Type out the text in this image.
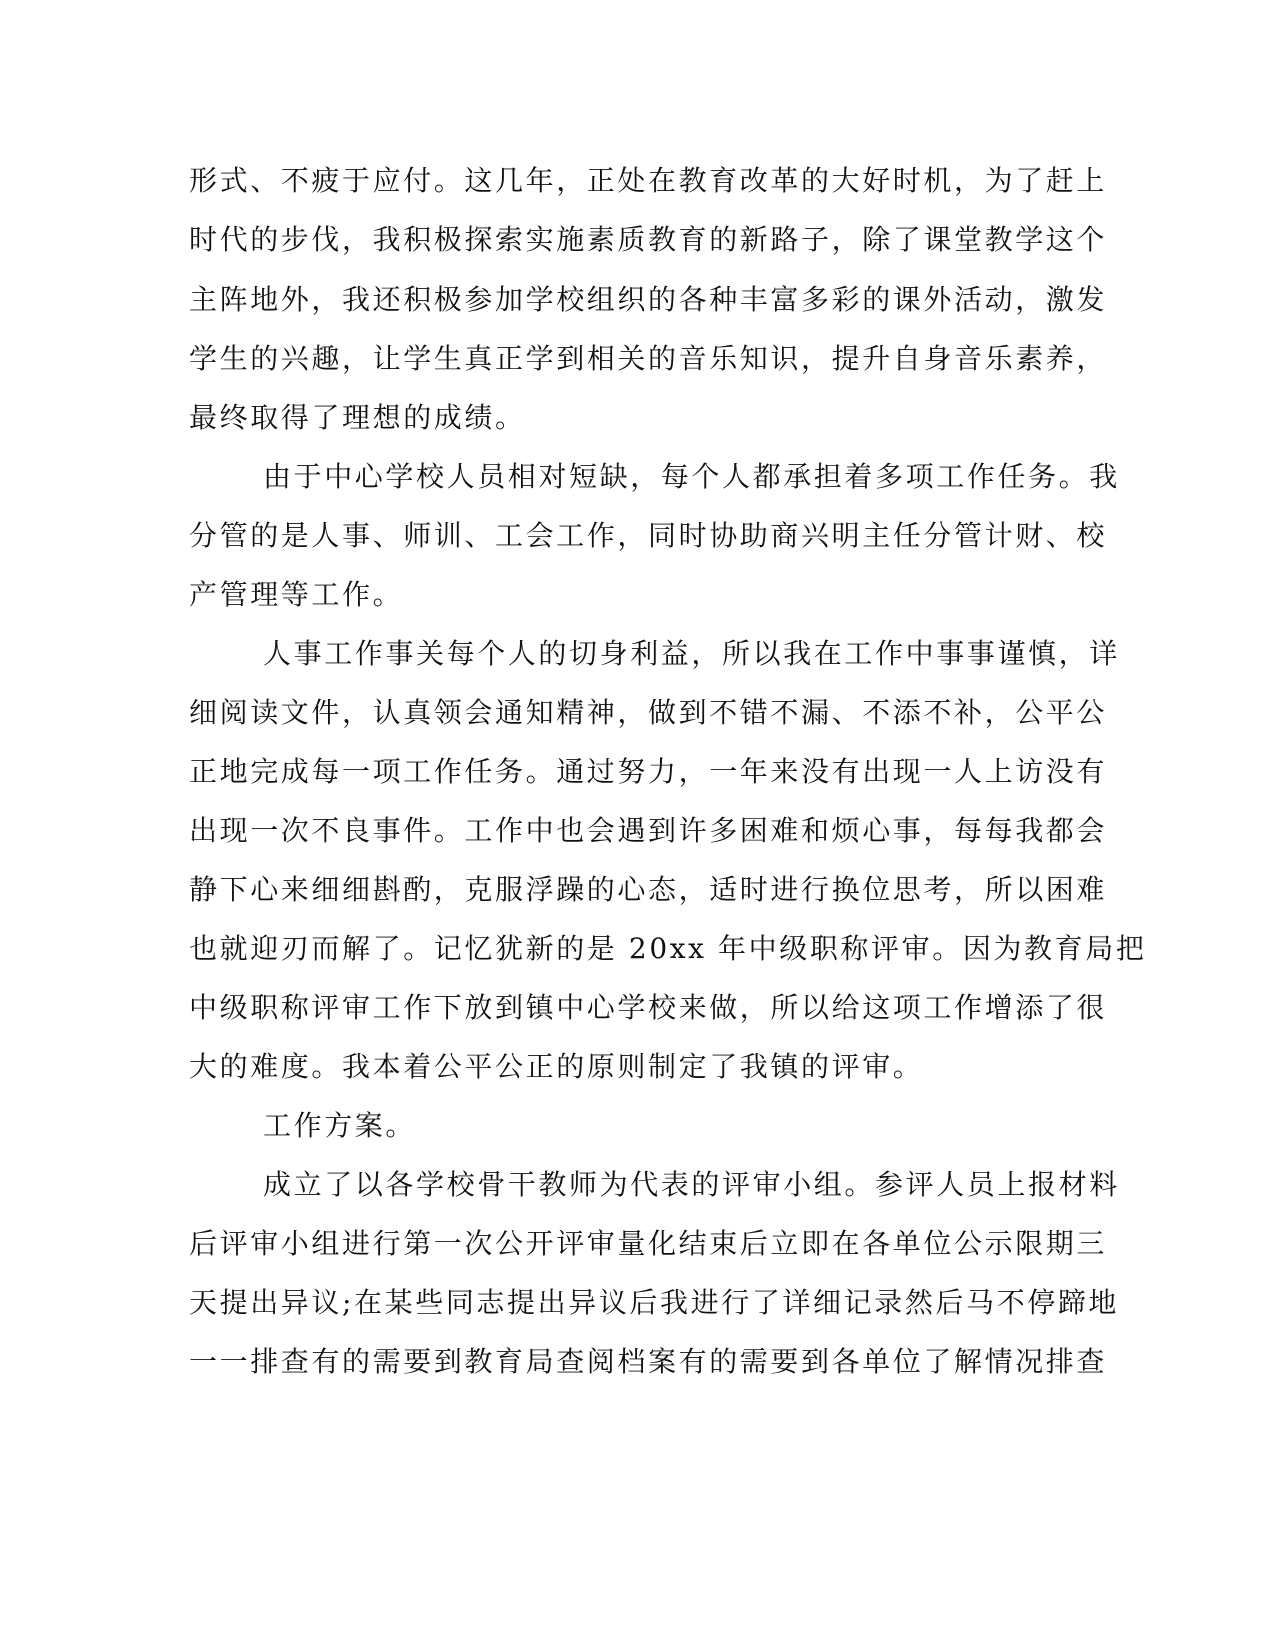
形式、不疲于应付。这几年，正处在教育改革的大好时机，为了赶上
时代的步伐，我积极探索实施素质教育的新路子，除了课堂教学这个
主阵地外，我还积极参加学校组织的各种丰富多彩的课外活动，激发
学生的兴趣，让学生真正学到相关的音乐知识，提升自身音乐素养，
最终取得了理想的成绩。
由于中心学校人员相对短缺，每个人都承担着多项工作任务。我
分管的是人事、师训、工会工作，同时协助商兴明主任分管计财、校
产管理等工作。
人事工作事关每个人的切身利益，所以我在工作中事事谨慎，详
细阅读文件，认真领会通知精神，做到不错不漏、不添不补，公平公
正地完成每一项工作任务。通过努力，一年来没有出现一人上访没有
出现一次不良事件。工作中也会遇到许多困难和烦心事，每每我都会
静下心来细细斟酌，克服浮躁的心态，适时进行换位思考，所以困难
也就迎刃而解了。记忆犹新的是 20xx 年中级职称评审。因为教育局把
中级职称评审工作下放到镇中心学校来做，所以给这项工作增添了很
大的难度。我本着公平公正的原则制定了我镇的评审。
工作方案。
成立了以各学校骨干教师为代表的评审小组。参评人员上报材料
后评审小组进行第一次公开评审量化结束后立即在各单位公示限期三
天提出异议;在某些同志提出异议后我进行了详细记录然后马不停蹄地
一一排查有的需要到教育局查阅档案有的需要到各单位了解情况排查
